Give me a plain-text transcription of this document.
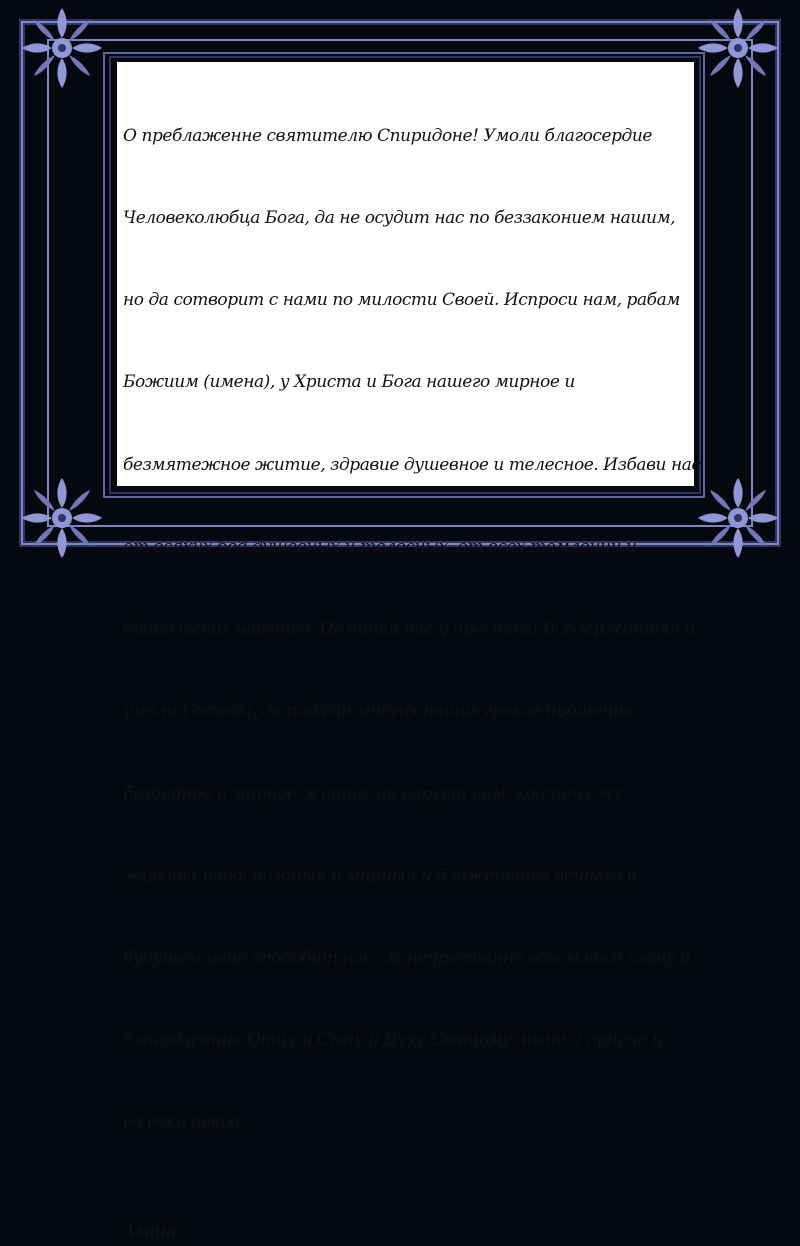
О преблаженне святителю Спиридоне! Умоли благосердие

Человеколюбца Бога, да не осудит нас по беззаконием нашим,

но да сотворит с нами по милости Своей. Испроси нам, рабам

Божиим (имена), у Христа и Бога нашего мирное и

безмятежное житие, здравие душевное и телесное. Избави нас

от всяких бед душевных и телесных, от всех томлений и

диавольских наветов. Поминай нас у престола Вседержителя и

умоли Господа, да подаст многих наших грехов прощение,

безбедное и мирное житие, да дарует нам, кончины же

живота непостыдныя и мирныя и блаженства вечнаго в

будущем веце сподобит нас, да непрестанно возсылаем славу и

благодарение Отцу и Сыну и Духу Святому, ныне и присно и

во веки веков.

Аминь.
